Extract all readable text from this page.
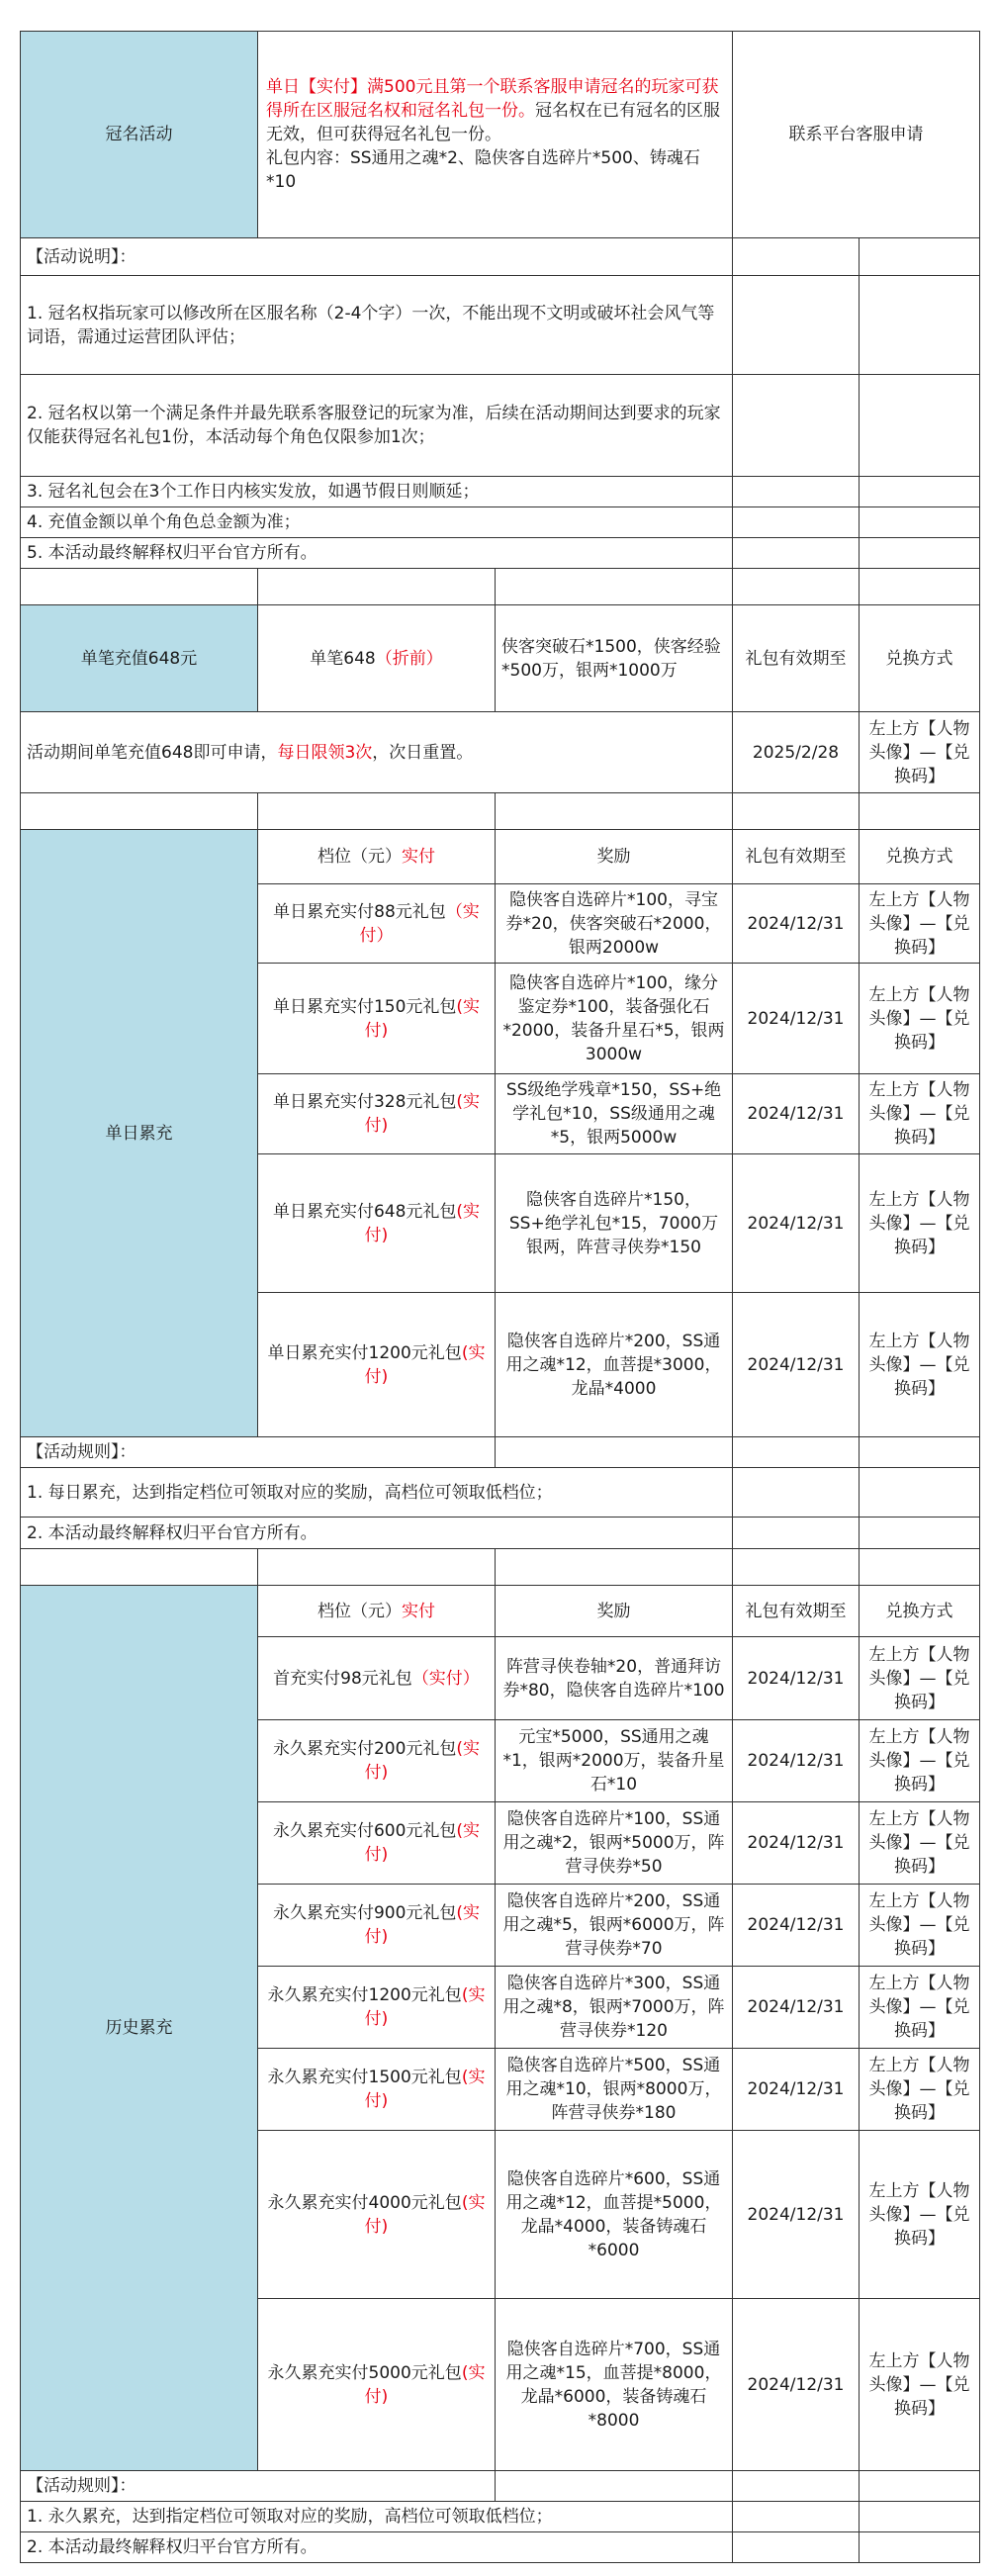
冠名活动	单日【实付】满500元且第一个联系客服申请冠名的玩家可获得所在区服冠名权和冠名礼包一份。冠名权在已有冠名的区服无效，但可获得冠名礼包一份。
礼包内容：SS通用之魂*2、隐侠客自选碎片*500、铸魂石*10		联系平台客服申请	
【活动说明】：				
1. 冠名权指玩家可以修改所在区服名称（2-4个字）一次，不能出现不文明或破坏社会风气等词语，需通过运营团队评估；				
2. 冠名权以第一个满足条件并最先联系客服登记的玩家为准，后续在活动期间达到要求的玩家仅能获得冠名礼包1份，本活动每个角色仅限参加1次；				
3. 冠名礼包会在3个工作日内核实发放，如遇节假日则顺延；				
4. 充值金额以单个角色总金额为准；				
5. 本活动最终解释权归平台官方所有。				

单笔充值648元	单笔648（折前）	侠客突破石*1500，侠客经验*500万，银两*1000万	礼包有效期至	兑换方式
活动期间单笔充值648即可申请，每日限领3次，次日重置。			2025/2/28	左上方【人物头像】—【兑换码】

单日累充	档位（元）实付	奖励	礼包有效期至	兑换方式
	单日累充实付88元礼包（实付）	隐侠客自选碎片*100，寻宝券*20，侠客突破石*2000，银两2000w	2024/12/31	左上方【人物头像】—【兑换码】
	单日累充实付150元礼包(实付)	隐侠客自选碎片*100，缘分鉴定券*100，装备强化石*2000，装备升星石*5，银两3000w	2024/12/31	左上方【人物头像】—【兑换码】
	单日累充实付328元礼包(实付)	SS级绝学残章*150，SS+绝学礼包*10，SS级通用之魂*5，银两5000w	2024/12/31	左上方【人物头像】—【兑换码】
	单日累充实付648元礼包(实付)	隐侠客自选碎片*150，SS+绝学礼包*15，7000万银两，阵营寻侠券*150	2024/12/31	左上方【人物头像】—【兑换码】
	单日累充实付1200元礼包(实付)	隐侠客自选碎片*200，SS通用之魂*12，血菩提*3000，龙晶*4000	2024/12/31	左上方【人物头像】—【兑换码】
【活动规则】：				
1. 每日累充，达到指定档位可领取对应的奖励，高档位可领取低档位；				
2. 本活动最终解释权归平台官方所有。				

历史累充	档位（元）实付	奖励	礼包有效期至	兑换方式
	首充实付98元礼包（实付）	阵营寻侠卷轴*20，普通拜访券*80，隐侠客自选碎片*100	2024/12/31	左上方【人物头像】—【兑换码】
	永久累充实付200元礼包(实付)	元宝*5000，SS通用之魂*1，银两*2000万，装备升星石*10	2024/12/31	左上方【人物头像】—【兑换码】
	永久累充实付600元礼包(实付)	隐侠客自选碎片*100，SS通用之魂*2，银两*5000万，阵营寻侠券*50	2024/12/31	左上方【人物头像】—【兑换码】
	永久累充实付900元礼包(实付)	隐侠客自选碎片*200，SS通用之魂*5，银两*6000万，阵营寻侠券*70	2024/12/31	左上方【人物头像】—【兑换码】
	永久累充实付1200元礼包(实付)	隐侠客自选碎片*300，SS通用之魂*8，银两*7000万，阵营寻侠券*120	2024/12/31	左上方【人物头像】—【兑换码】
	永久累充实付1500元礼包(实付)	隐侠客自选碎片*500，SS通用之魂*10，银两*8000万，阵营寻侠券*180	2024/12/31	左上方【人物头像】—【兑换码】
	永久累充实付4000元礼包(实付)	隐侠客自选碎片*600，SS通用之魂*12，血菩提*5000，龙晶*4000，装备铸魂石*6000	2024/12/31	左上方【人物头像】—【兑换码】
	永久累充实付5000元礼包(实付)	隐侠客自选碎片*700，SS通用之魂*15，血菩提*8000，龙晶*6000，装备铸魂石*8000	2024/12/31	左上方【人物头像】—【兑换码】
【活动规则】：				
1. 永久累充，达到指定档位可领取对应的奖励，高档位可领取低档位；				
2. 本活动最终解释权归平台官方所有。				
